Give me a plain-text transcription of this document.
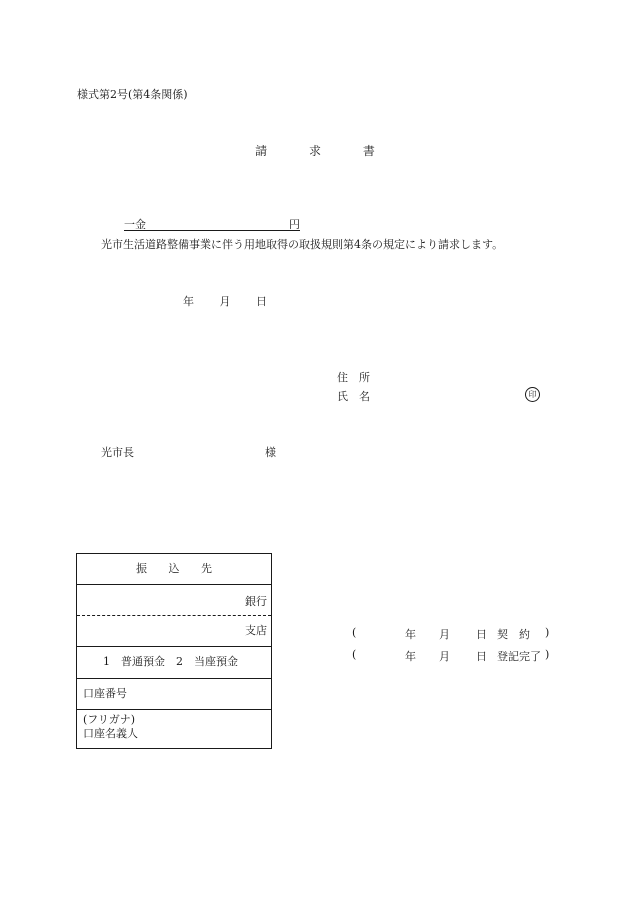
様式第2号(第4条関係)
請	求	書
一金	円
光市生活道路整備事業に伴う用地取得の取扱規則第4条の規定により請求します。
年 月 日
住　所
氏　名	印
光市長	様
振 込 先
銀行
支店
1　普通預金　2　当座預金
口座番号
(フリガナ)
口座名義人
(	年 月 日 契　約 )
(	年 月 日 登記完了 )
